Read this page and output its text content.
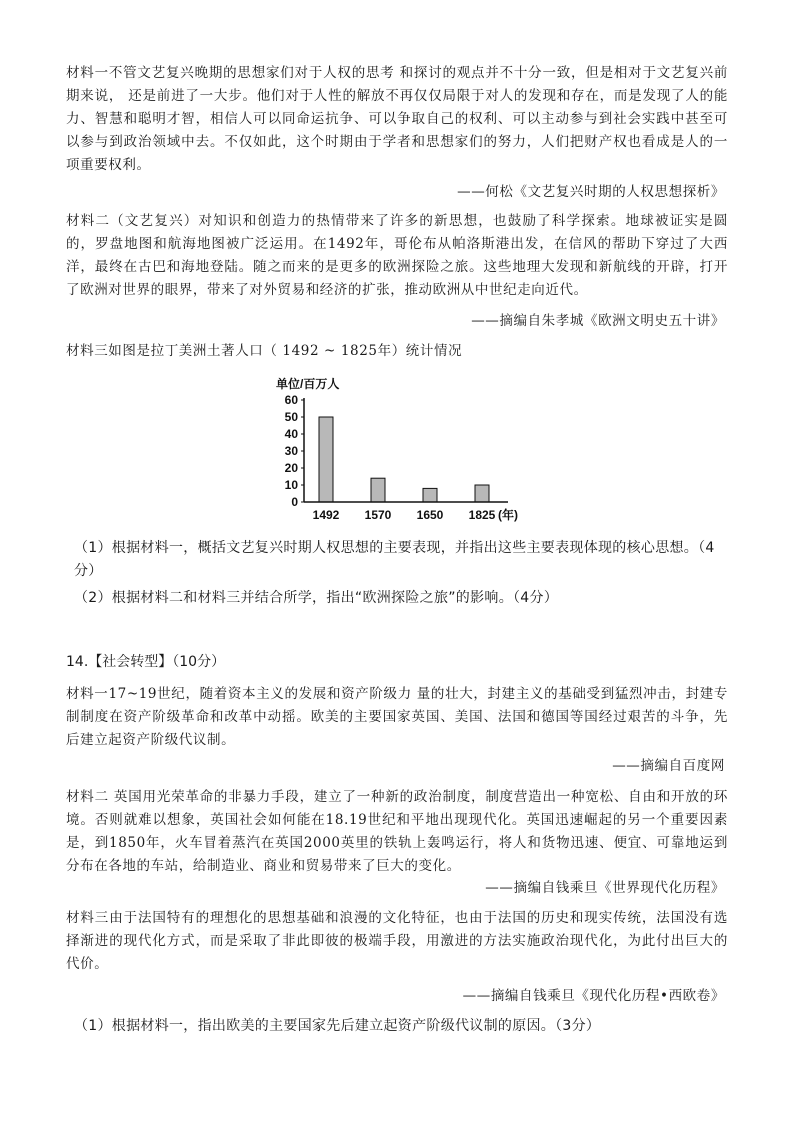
材料一不管文艺复兴晚期的思想家们对于人权的思考 和探讨的观点并不十分一致，但是相对于文艺复兴前期来说， 还是前进了一大步。他们对于人性的解放不再仅仅局限于对人的发现和存在，而是发现了人的能力、智慧和聪明才智，相信人可以同命运抗争、可以争取自己的权利、可以主动参与到社会实践中甚至可以参与到政治领域中去。不仅如此，这个时期由于学者和思想家们的努力，人们把财产权也看成是人的一项重要权利。

——何松《文艺复兴时期的人权思想探析》

材料二（文艺复兴）对知识和创造力的热情带来了许多的新思想，也鼓励了科学探索。地球被证实是圆的，罗盘地图和航海地图被广泛运用。在1492年，哥伦布从帕洛斯港出发，在信风的帮助下穿过了大西洋，最终在古巴和海地登陆。随之而来的是更多的欧洲探险之旅。这些地理大发现和新航线的开辟，打开了欧洲对世界的眼界，带来了对外贸易和经济的扩张，推动欧洲从中世纪走向近代。

——摘编自朱孝城《欧洲文明史五十讲》

材料三如图是拉丁美洲土著人口（ 1492 ~ 1825年）统计情况

单位/百万人
60
50
40
30
20
10
0
1492 1570 1650 1825 (年)

（1）根据材料一，概括文艺复兴时期人权思想的主要表现，并指出这些主要表现体现的核心思想。（4分）

（2）根据材料二和材料三并结合所学，指出“欧洲探险之旅”的影响。（4分）

14.【社会转型】（10分）

材料一17~19世纪，随着资本主义的发展和资产阶级力 量的壮大，封建主义的基础受到猛烈冲击，封建专制制度在资产阶级革命和改革中动摇。欧美的主要国家英国、美国、法国和德国等国经过艰苦的斗争，先后建立起资产阶级代议制。

——摘编自百度网

材料二 英国用光荣革命的非暴力手段，建立了一种新的政治制度，制度营造出一种宽松、自由和开放的环境。否则就难以想象，英国社会如何能在18.19世纪和平地出现现代化。英国迅速崛起的另一个重要因素是，到1850年，火车冒着蒸汽在英国2000英里的铁轨上轰鸣运行，将人和货物迅速、便宜、可靠地运到分布在各地的车站，给制造业、商业和贸易带来了巨大的变化。

——摘编自钱乘旦《世界现代化历程》

材料三由于法国特有的理想化的思想基础和浪漫的文化特征，也由于法国的历史和现实传统，法国没有选择渐进的现代化方式，而是采取了非此即彼的极端手段，用激进的方法实施政治现代化，为此付出巨大的代价。

——摘编自钱乘旦《现代化历程•西欧卷》

（1）根据材料一，指出欧美的主要国家先后建立起资产阶级代议制的原因。（3分）
